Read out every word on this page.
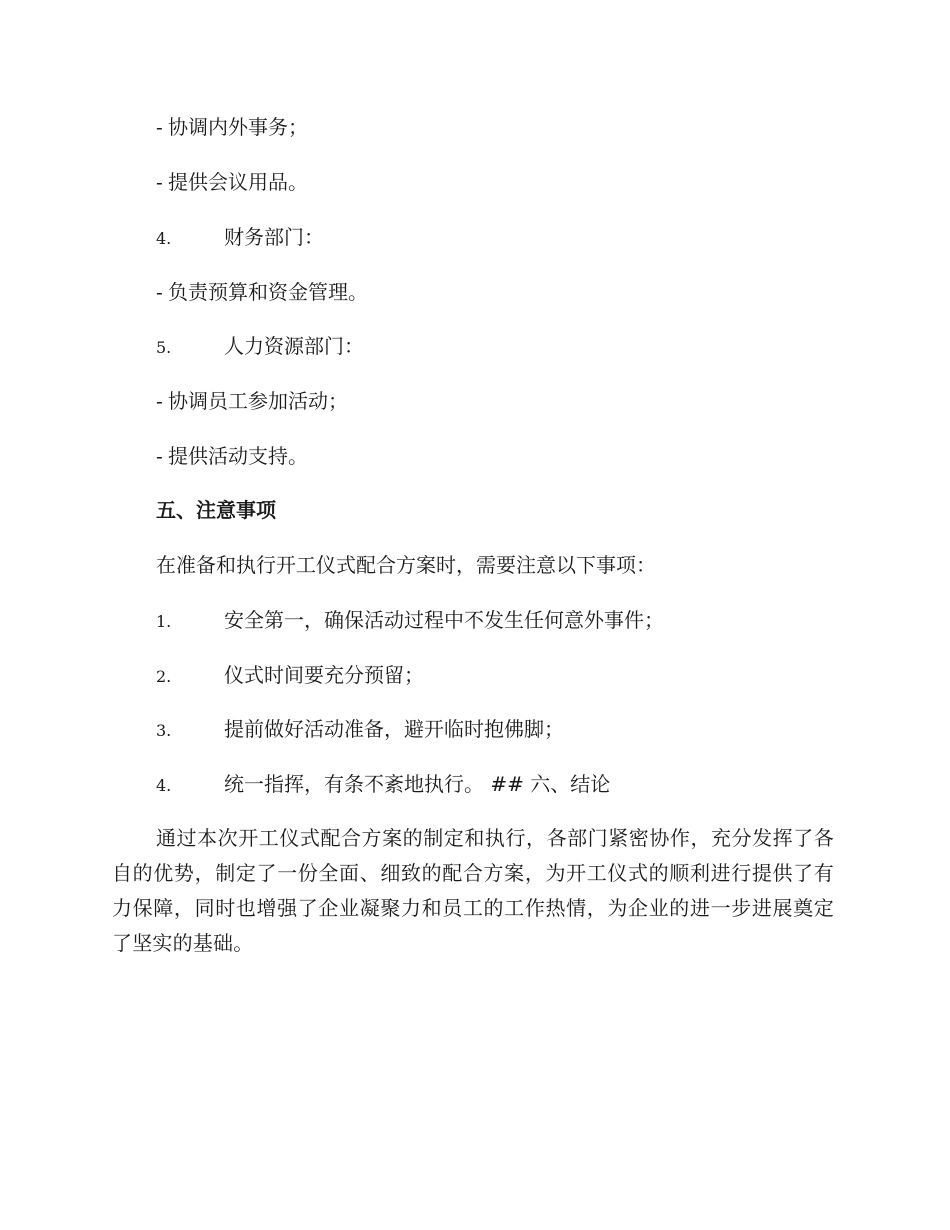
- 协调内外事务；
- 提供会议用品。
4.	财务部门：
- 负责预算和资金管理。
5.	人力资源部门：
- 协调员工参加活动；
- 提供活动支持。
五、注意事项
在准备和执行开工仪式配合方案时，需要注意以下事项：
1.	安全第一，确保活动过程中不发生任何意外事件；
2.	仪式时间要充分预留；
3.	提前做好活动准备，避开临时抱佛脚；
4.	统一指挥，有条不紊地执行。 ## 六、结论
通过本次开工仪式配合方案的制定和执行，各部门紧密协作，充分发挥了各自的优势，制定了一份全面、细致的配合方案，为开工仪式的顺利进行提供了有力保障，同时也增强了企业凝聚力和员工的工作热情，为企业的进一步进展奠定了坚实的基础。
